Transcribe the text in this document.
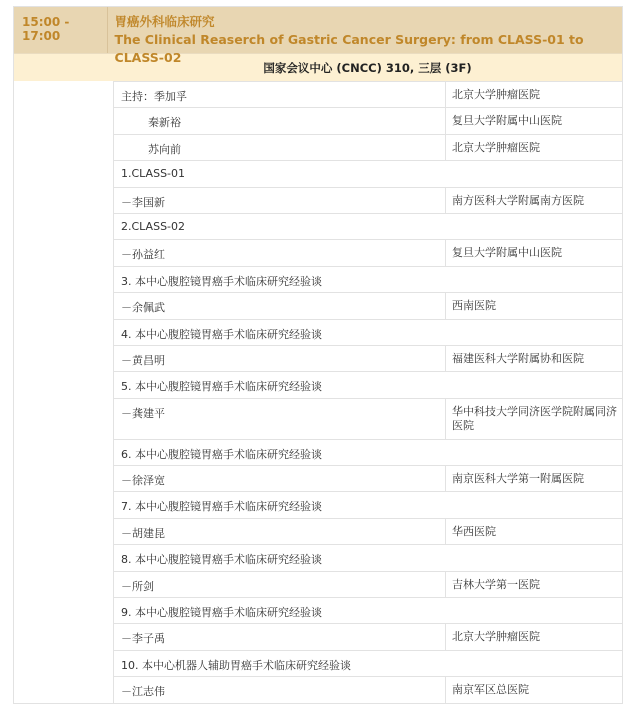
15:00 - 17:00
胃癌外科临床研究
The Clinical Reaserch of Gastric Cancer Surgery: from CLASS-01 to CLASS-02
国家会议中心 (CNCC) 310, 三层 (3F)
主持：季加孚	北京大学肿瘤医院
秦新裕	复旦大学附属中山医院
苏向前	北京大学肿瘤医院
1.CLASS-01
－李国新	南方医科大学附属南方医院
2.CLASS-02
－孙益红	复旦大学附属中山医院
3. 本中心腹腔镜胃癌手术临床研究经验谈
－余佩武	西南医院
4. 本中心腹腔镜胃癌手术临床研究经验谈
－黄昌明	福建医科大学附属协和医院
5. 本中心腹腔镜胃癌手术临床研究经验谈
－龚建平	华中科技大学同济医学院附属同济医院
6. 本中心腹腔镜胃癌手术临床研究经验谈
－徐泽宽	南京医科大学第一附属医院
7. 本中心腹腔镜胃癌手术临床研究经验谈
－胡建昆	华西医院
8. 本中心腹腔镜胃癌手术临床研究经验谈
－所剑	吉林大学第一医院
9. 本中心腹腔镜胃癌手术临床研究经验谈
－李子禹	北京大学肿瘤医院
10. 本中心机器人辅助胃癌手术临床研究经验谈
－江志伟	南京军区总医院
